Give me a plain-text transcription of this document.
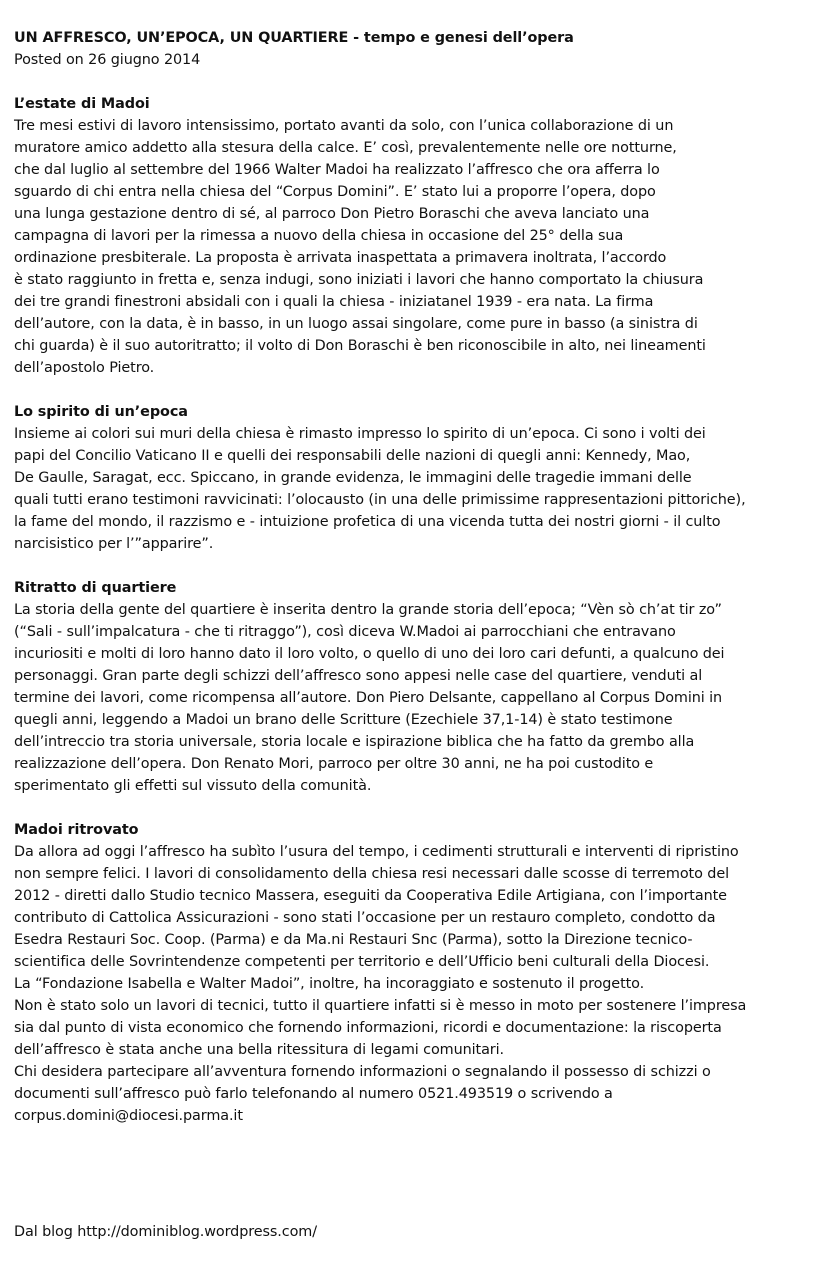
UN AFFRESCO, UN’EPOCA, UN QUARTIERE - tempo e genesi dell’opera
Posted on 26 giugno 2014
L’estate di Madoi
Tre mesi estivi di lavoro intensissimo, portato avanti da solo, con l’unica collaborazione di un
muratore amico addetto alla stesura della calce. E’ così, prevalentemente nelle ore notturne,
che dal luglio al settembre del 1966 Walter Madoi ha realizzato l’affresco che ora afferra lo
sguardo di chi entra nella chiesa del “Corpus Domini”. E’ stato lui a proporre l’opera, dopo
una lunga gestazione dentro di sé, al parroco Don Pietro Boraschi che aveva lanciato una
campagna di lavori per la rimessa a nuovo della chiesa in occasione del 25° della sua
ordinazione presbiterale. La proposta è arrivata inaspettata a primavera inoltrata, l’accordo
è stato raggiunto in fretta e, senza indugi, sono iniziati i lavori che hanno comportato la chiusura
dei tre grandi finestroni absidali con i quali la chiesa - iniziatanel 1939 - era nata. La firma
dell’autore, con la data, è in basso, in un luogo assai singolare, come pure in basso (a sinistra di
chi guarda) è il suo autoritratto; il volto di Don Boraschi è ben riconoscibile in alto, nei lineamenti
dell’apostolo Pietro.
Lo spirito di un’epoca
Insieme ai colori sui muri della chiesa è rimasto impresso lo spirito di un’epoca. Ci sono i volti dei
papi del Concilio Vaticano II e quelli dei responsabili delle nazioni di quegli anni: Kennedy, Mao,
De Gaulle, Saragat, ecc. Spiccano, in grande evidenza, le immagini delle tragedie immani delle
quali tutti erano testimoni ravvicinati: l’olocausto (in una delle primissime rappresentazioni pittoriche),
la fame del mondo, il razzismo e - intuizione profetica di una vicenda tutta dei nostri giorni - il culto
narcisistico per l’”apparire”.
Ritratto di quartiere
La storia della gente del quartiere è inserita dentro la grande storia dell’epoca; “Vèn sò ch’at tir zo”
(“Sali - sull’impalcatura - che ti ritraggo”), così diceva W.Madoi ai parrocchiani che entravano
incuriositi e molti di loro hanno dato il loro volto, o quello di uno dei loro cari defunti, a qualcuno dei
personaggi. Gran parte degli schizzi dell’affresco sono appesi nelle case del quartiere, venduti al
termine dei lavori, come ricompensa all’autore. Don Piero Delsante, cappellano al Corpus Domini in
quegli anni, leggendo a Madoi un brano delle Scritture (Ezechiele 37,1-14) è stato testimone
dell’intreccio tra storia universale, storia locale e ispirazione biblica che ha fatto da grembo alla
realizzazione dell’opera. Don Renato Mori, parroco per oltre 30 anni, ne ha poi custodito e
sperimentato gli effetti sul vissuto della comunità.
Madoi ritrovato
Da allora ad oggi l’affresco ha subìto l’usura del tempo, i cedimenti strutturali e interventi di ripristino
non sempre felici. I lavori di consolidamento della chiesa resi necessari dalle scosse di terremoto del
2012 - diretti dallo Studio tecnico Massera, eseguiti da Cooperativa Edile Artigiana, con l’importante
contributo di Cattolica Assicurazioni - sono stati l’occasione per un restauro completo, condotto da
Esedra Restauri Soc. Coop. (Parma) e da Ma.ni Restauri Snc (Parma), sotto la Direzione tecnico-
scientifica delle Sovrintendenze competenti per territorio e dell’Ufficio beni culturali della Diocesi.
La “Fondazione Isabella e Walter Madoi”, inoltre, ha incoraggiato e sostenuto il progetto.
Non è stato solo un lavori di tecnici, tutto il quartiere infatti si è messo in moto per sostenere l’impresa
sia dal punto di vista economico che fornendo informazioni, ricordi e documentazione: la riscoperta
dell’affresco è stata anche una bella ritessitura di legami comunitari.
Chi desidera partecipare all’avventura fornendo informazioni o segnalando il possesso di schizzi o
documenti sull’affresco può farlo telefonando al numero 0521.493519 o scrivendo a
corpus.domini@diocesi.parma.it
Dal blog http://dominiblog.wordpress.com/
